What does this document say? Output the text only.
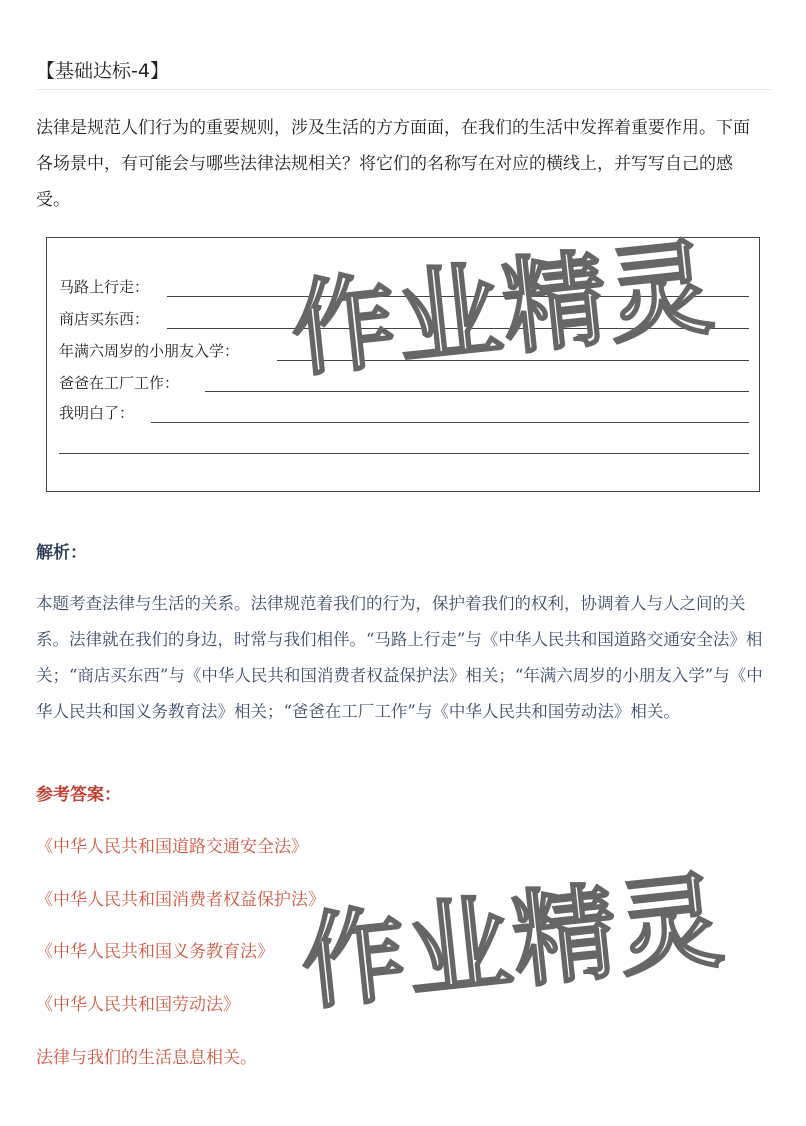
【基础达标-4】
法律是规范人们行为的重要规则，涉及生活的方方面面，在我们的生活中发挥着重要作用。下面各场景中，有可能会与哪些法律法规相关？将它们的名称写在对应的横线上，并写写自己的感受。
马路上行走：
商店买东西：
年满六周岁的小朋友入学：
爸爸在工厂工作：
我明白了：
作业精灵
解析：
本题考查法律与生活的关系。法律规范着我们的行为，保护着我们的权利，协调着人与人之间的关系。法律就在我们的身边，时常与我们相伴。“马路上行走”与《中华人民共和国道路交通安全法》相关；“商店买东西”与《中华人民共和国消费者权益保护法》相关；“年满六周岁的小朋友入学”与《中华人民共和国义务教育法》相关；“爸爸在工厂工作”与《中华人民共和国劳动法》相关。
参考答案：
《中华人民共和国道路交通安全法》
《中华人民共和国消费者权益保护法》
《中华人民共和国义务教育法》
《中华人民共和国劳动法》
法律与我们的生活息息相关。
作业精灵
